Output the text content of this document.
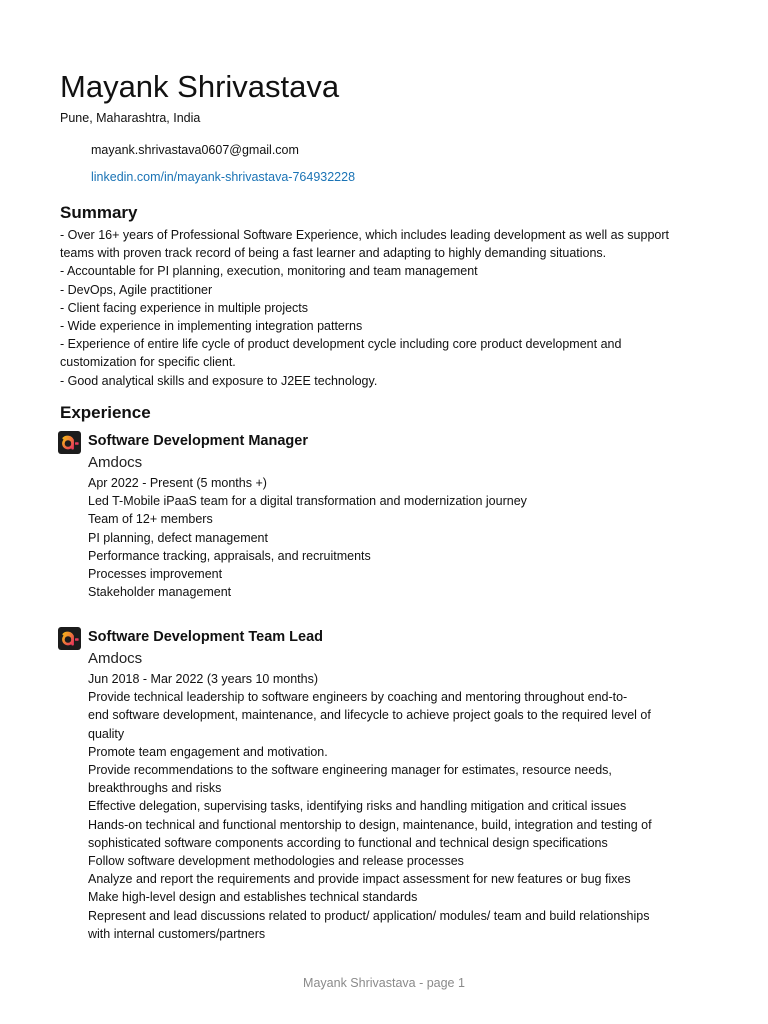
Mayank Shrivastava
Pune, Maharashtra, India
mayank.shrivastava0607@gmail.com
linkedin.com/in/mayank-shrivastava-764932228
Summary
- Over 16+ years of Professional Software Experience, which includes leading development as well as support
teams with proven track record of being a fast learner and adapting to highly demanding situations.
- Accountable for PI planning, execution, monitoring and team management
- DevOps, Agile practitioner
- Client facing experience in multiple projects
- Wide experience in implementing integration patterns
- Experience of entire life cycle of product development cycle including core product development and
customization for specific client.
- Good analytical skills and exposure to J2EE technology.
Experience
Software Development Manager
Amdocs
Apr 2022 - Present (5 months +)
Led T-Mobile iPaaS team for a digital transformation and modernization journey
Team of 12+ members
PI planning, defect management
Performance tracking, appraisals, and recruitments
Processes improvement
Stakeholder management
Software Development Team Lead
Amdocs
Jun 2018 - Mar 2022 (3 years 10 months)
Provide technical leadership to software engineers by coaching and mentoring throughout end-to-
end software development, maintenance, and lifecycle to achieve project goals to the required level of
quality
Promote team engagement and motivation.
Provide recommendations to the software engineering manager for estimates, resource needs,
breakthroughs and risks
Effective delegation, supervising tasks, identifying risks and handling mitigation and critical issues
Hands-on technical and functional mentorship to design, maintenance, build, integration and testing of
sophisticated software components according to functional and technical design specifications
Follow software development methodologies and release processes
Analyze and report the requirements and provide impact assessment for new features or bug fixes
Make high-level design and establishes technical standards
Represent and lead discussions related to product/ application/ modules/ team and build relationships
with internal customers/partners
Mayank Shrivastava - page 1
